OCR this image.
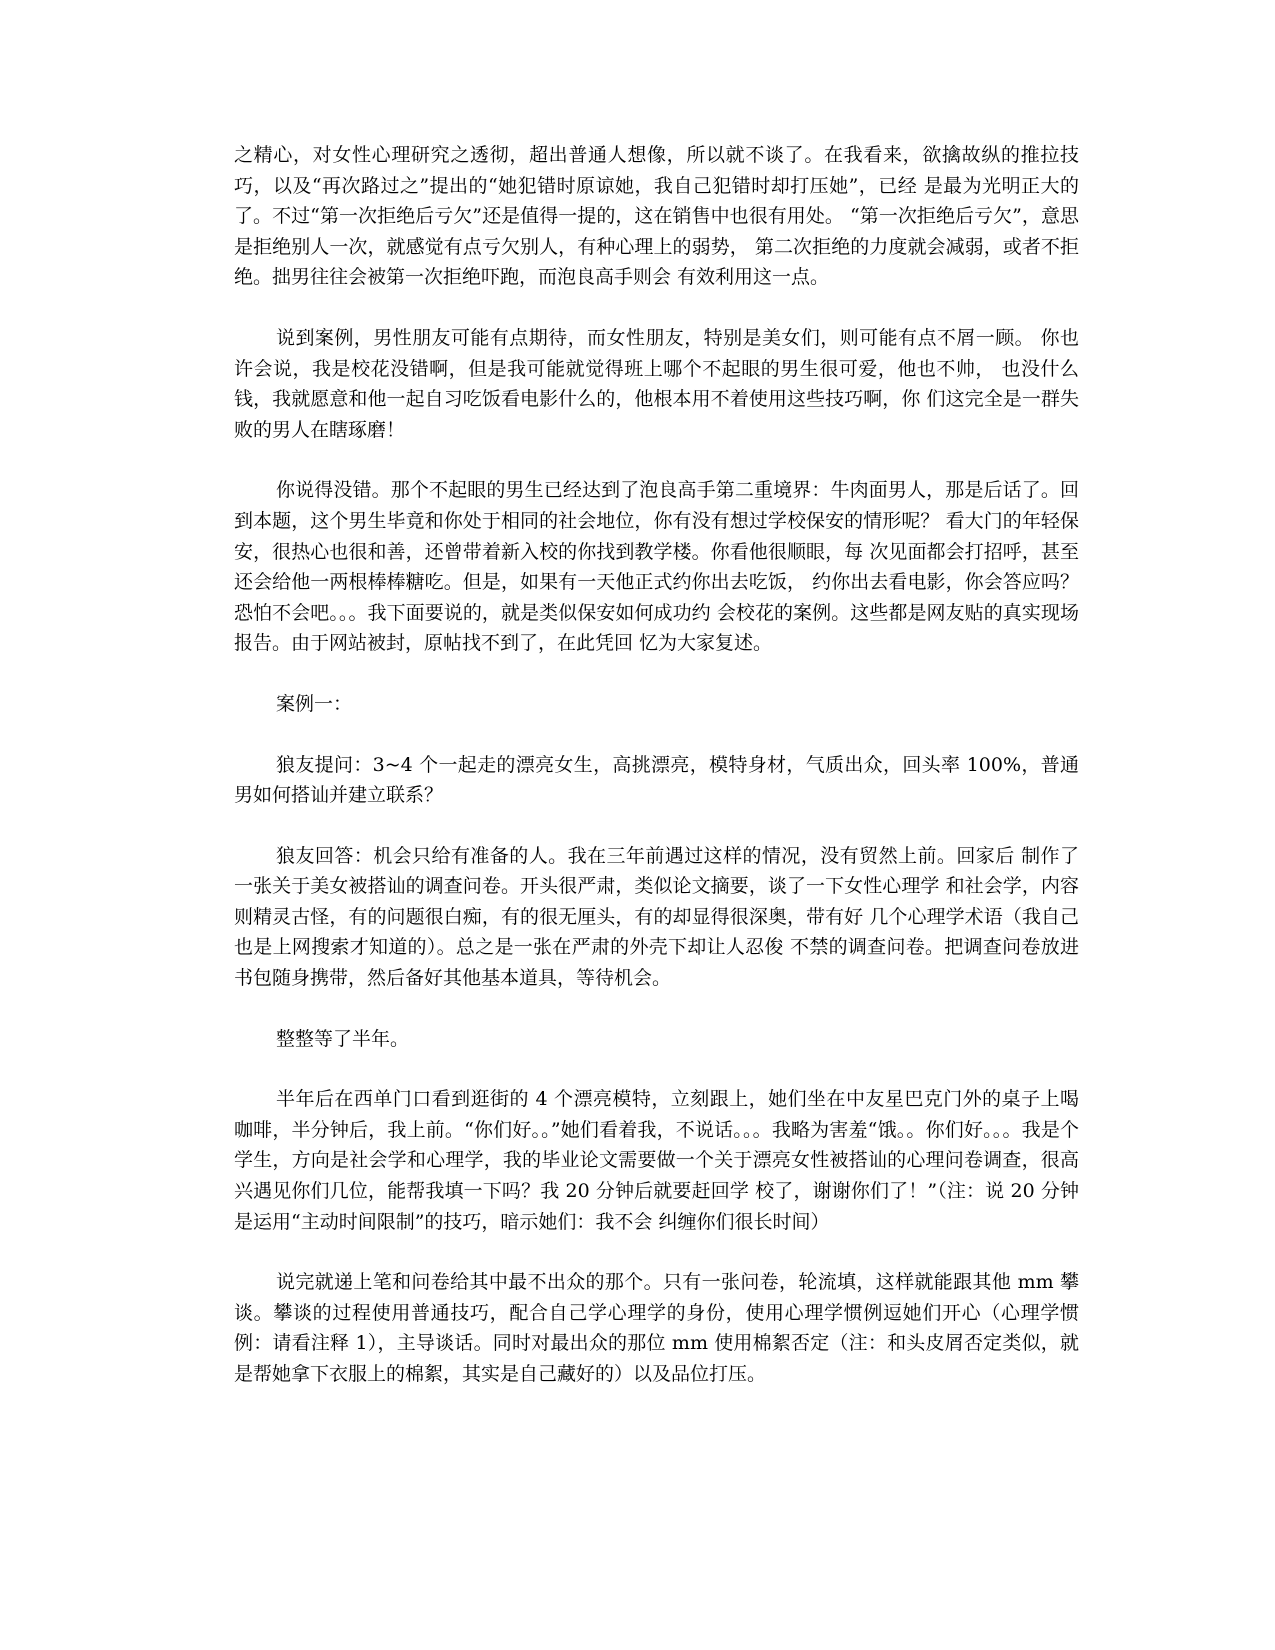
之精心，对女性心理研究之透彻，超出普通人想像，所以就不谈了。在我看来，欲擒故纵的推拉技巧，以及“再次路过之”提出的“她犯错时原谅她，我自己犯错时却打压她”，已经 是最为光明正大的了。不过“第一次拒绝后亏欠”还是值得一提的，这在销售中也很有用处。 “第一次拒绝后亏欠”，意思是拒绝别人一次，就感觉有点亏欠别人，有种心理上的弱势， 第二次拒绝的力度就会减弱，或者不拒绝。拙男往往会被第一次拒绝吓跑，而泡良高手则会 有效利用这一点。

说到案例，男性朋友可能有点期待，而女性朋友，特别是美女们，则可能有点不屑一顾。 你也许会说，我是校花没错啊，但是我可能就觉得班上哪个不起眼的男生很可爱，他也不帅， 也没什么钱，我就愿意和他一起自习吃饭看电影什么的，他根本用不着使用这些技巧啊，你 们这完全是一群失败的男人在瞎琢磨！

你说得没错。那个不起眼的男生已经达到了泡良高手第二重境界：牛肉面男人，那是后话了。回到本题，这个男生毕竟和你处于相同的社会地位，你有没有想过学校保安的情形呢？ 看大门的年轻保安，很热心也很和善，还曾带着新入校的你找到教学楼。你看他很顺眼，每 次见面都会打招呼，甚至还会给他一两根棒棒糖吃。但是，如果有一天他正式约你出去吃饭， 约你出去看电影，你会答应吗？恐怕不会吧。。。我下面要说的，就是类似保安如何成功约 会校花的案例。这些都是网友贴的真实现场报告。由于网站被封，原帖找不到了，在此凭回 忆为大家复述。

案例一：

狼友提问：3~4 个一起走的漂亮女生，高挑漂亮，模特身材，气质出众，回头率 100%，普通男如何搭讪并建立联系？

狼友回答：机会只给有准备的人。我在三年前遇过这样的情况，没有贸然上前。回家后 制作了一张关于美女被搭讪的调查问卷。开头很严肃，类似论文摘要，谈了一下女性心理学 和社会学，内容则精灵古怪，有的问题很白痴，有的很无厘头，有的却显得很深奥，带有好 几个心理学术语（我自己也是上网搜索才知道的）。总之是一张在严肃的外壳下却让人忍俊 不禁的调查问卷。把调查问卷放进书包随身携带，然后备好其他基本道具，等待机会。

整整等了半年。

半年后在西单门口看到逛街的 4 个漂亮模特，立刻跟上，她们坐在中友星巴克门外的桌子上喝咖啡，半分钟后，我上前。“你们好。。”她们看着我，不说话。。。我略为害羞“饿。。你们好。。。我是个学生，方向是社会学和心理学，我的毕业论文需要做一个关于漂亮女性被搭讪的心理问卷调查，很高兴遇见你们几位，能帮我填一下吗？我 20 分钟后就要赶回学 校了，谢谢你们了！”（注：说 20 分钟是运用“主动时间限制”的技巧，暗示她们：我不会 纠缠你们很长时间）

说完就递上笔和问卷给其中最不出众的那个。只有一张问卷，轮流填，这样就能跟其他 mm 攀谈。攀谈的过程使用普通技巧，配合自己学心理学的身份，使用心理学惯例逗她们开心（心理学惯例：请看注释 1），主导谈话。同时对最出众的那位 mm 使用棉絮否定（注：和头皮屑否定类似，就是帮她拿下衣服上的棉絮，其实是自己藏好的）以及品位打压。
